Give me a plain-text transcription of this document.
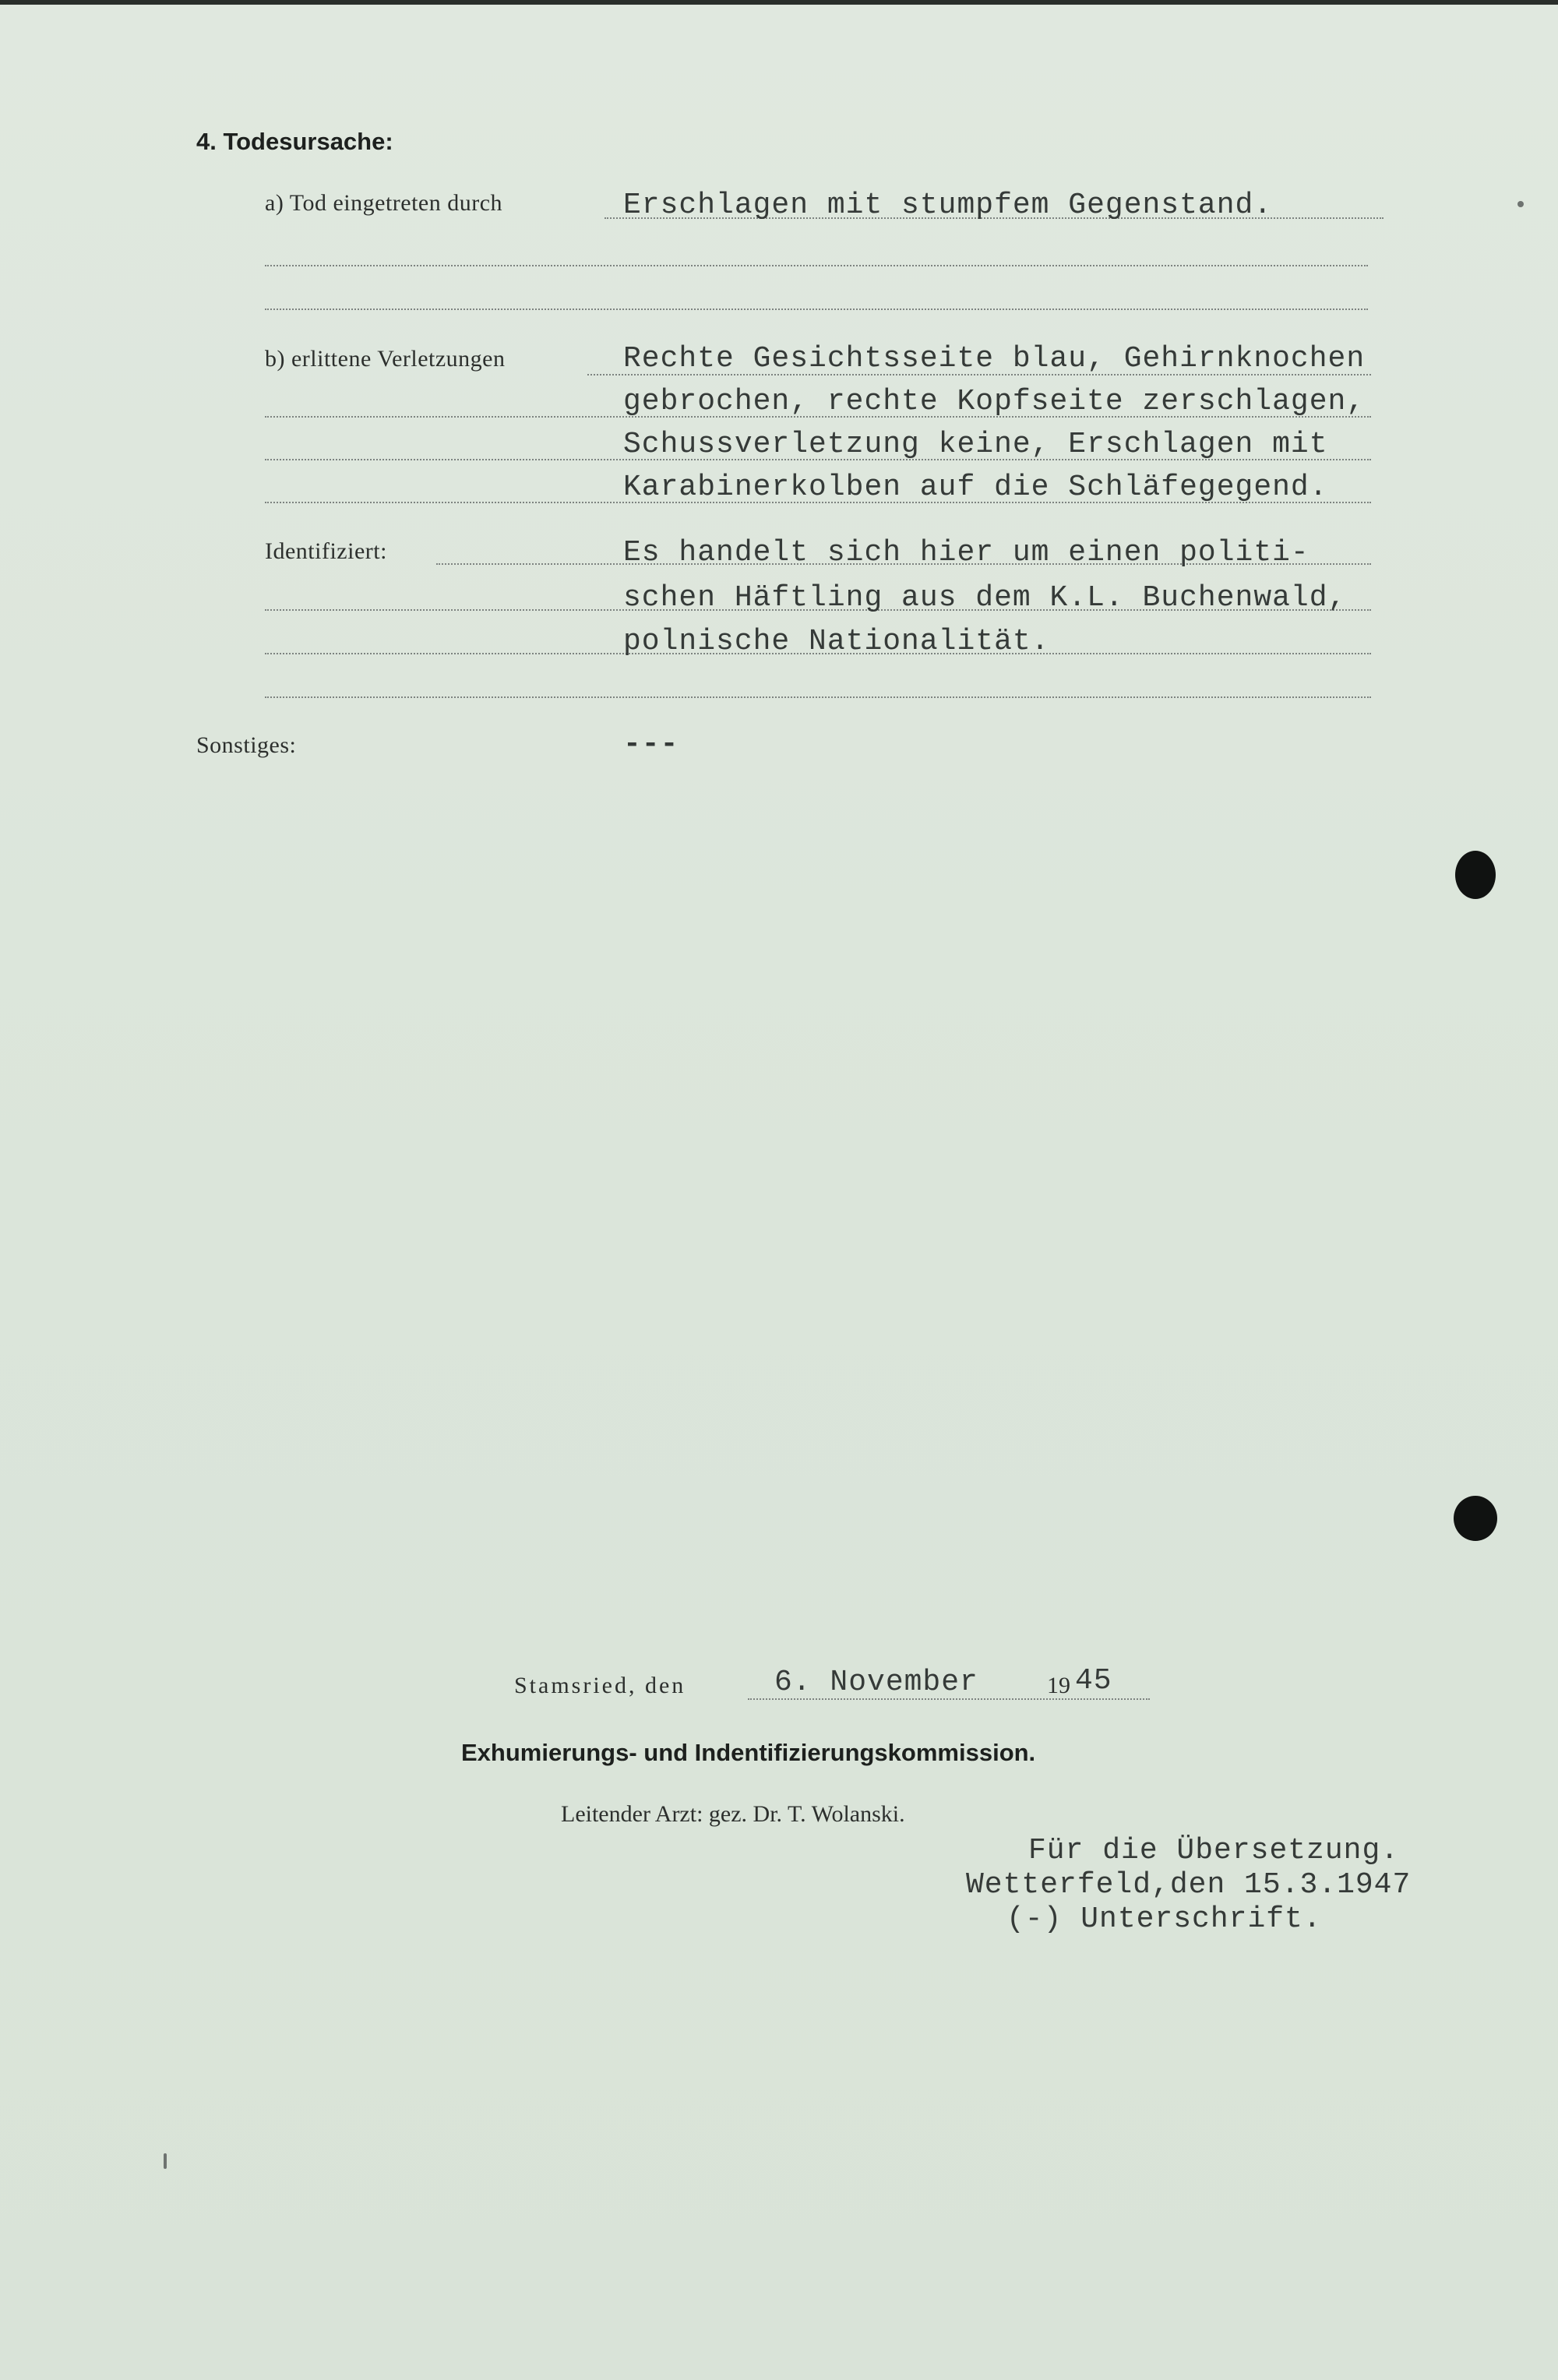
4. Todesursache:
a) Tod eingetreten durch	Erschlagen mit stumpfem Gegenstand.
b) erlittene Verletzungen	Rechte Gesichtsseite blau, Gehirnknochen
gebrochen, rechte Kopfseite zerschlagen,
Schussverletzung keine, Erschlagen mit
Karabinerkolben auf die Schläfegegend.
Identifiziert:	Es handelt sich hier um einen politi-
schen Häftling aus dem K.L. Buchenwald,
polnische Nationalität.
Sonstiges:	---
Stamsried, den	6. November	19 45
Exhumierungs- und Indentifizierungskommission.
Leitender Arzt: gez. Dr. T. Wolanski.
Für die Übersetzung.
Wetterfeld,den 15.3.1947
(-) Unterschrift.
